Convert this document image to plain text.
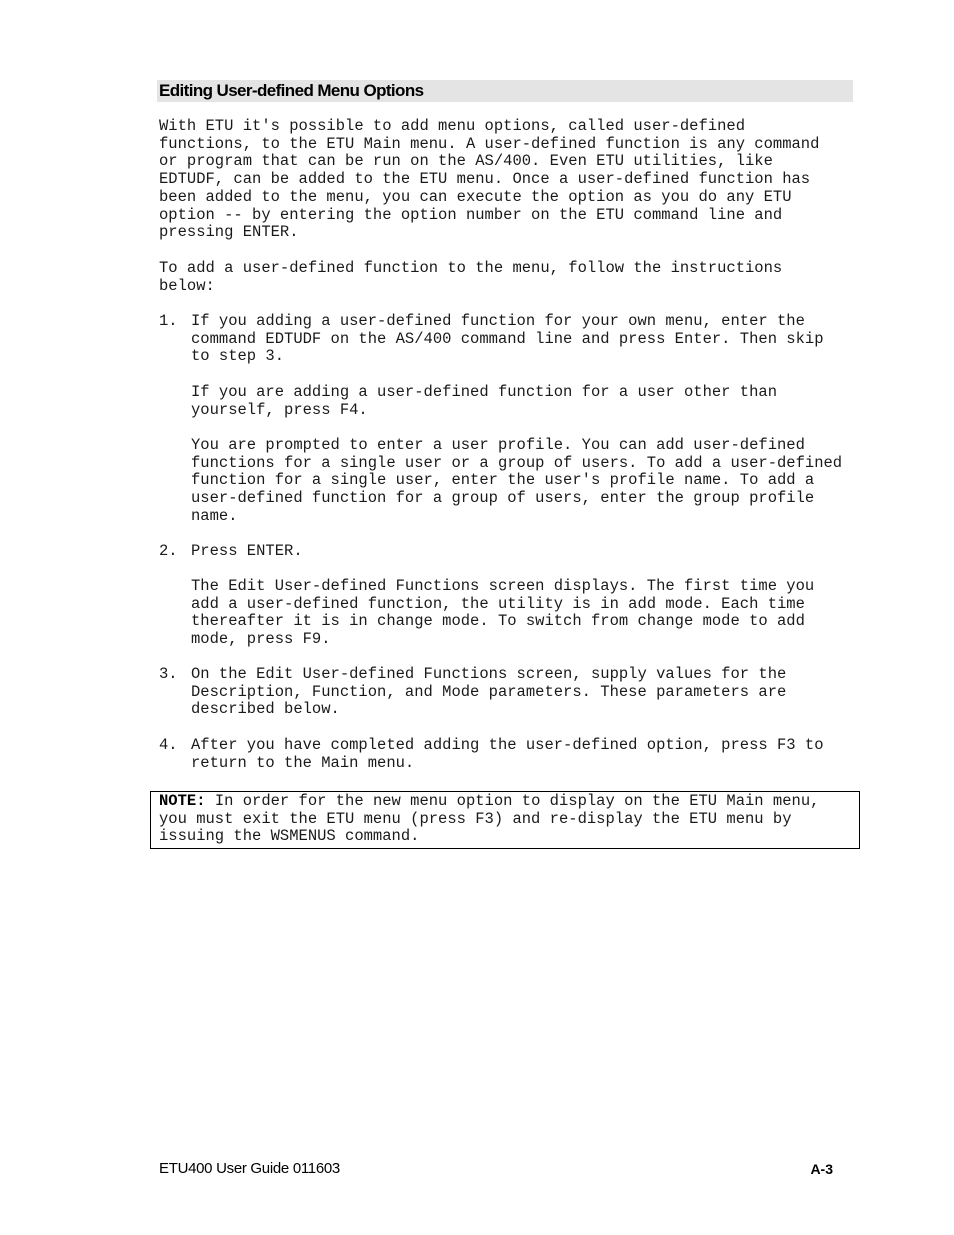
Editing User-defined Menu Options

With ETU it's possible to add menu options, called user-defined
functions, to the ETU Main menu. A user-defined function is any command
or program that can be run on the AS/400. Even ETU utilities, like
EDTUDF, can be added to the ETU menu. Once a user-defined function has
been added to the menu, you can execute the option as you do any ETU
option -- by entering the option number on the ETU command line and
pressing ENTER.

To add a user-defined function to the menu, follow the instructions
below:

1. If you adding a user-defined function for your own menu, enter the
command EDTUDF on the AS/400 command line and press Enter. Then skip
to step 3.

If you are adding a user-defined function for a user other than
yourself, press F4.

You are prompted to enter a user profile. You can add user-defined
functions for a single user or a group of users. To add a user-defined
function for a single user, enter the user's profile name. To add a
user-defined function for a group of users, enter the group profile
name.

2. Press ENTER.

The Edit User-defined Functions screen displays. The first time you
add a user-defined function, the utility is in add mode. Each time
thereafter it is in change mode. To switch from change mode to add
mode, press F9.

3. On the Edit User-defined Functions screen, supply values for the
Description, Function, and Mode parameters. These parameters are
described below.

4. After you have completed adding the user-defined option, press F3 to
return to the Main menu.

NOTE: In order for the new menu option to display on the ETU Main menu,
you must exit the ETU menu (press F3) and re-display the ETU menu by
issuing the WSMENUS command.

ETU400 User Guide 011603	A-3
